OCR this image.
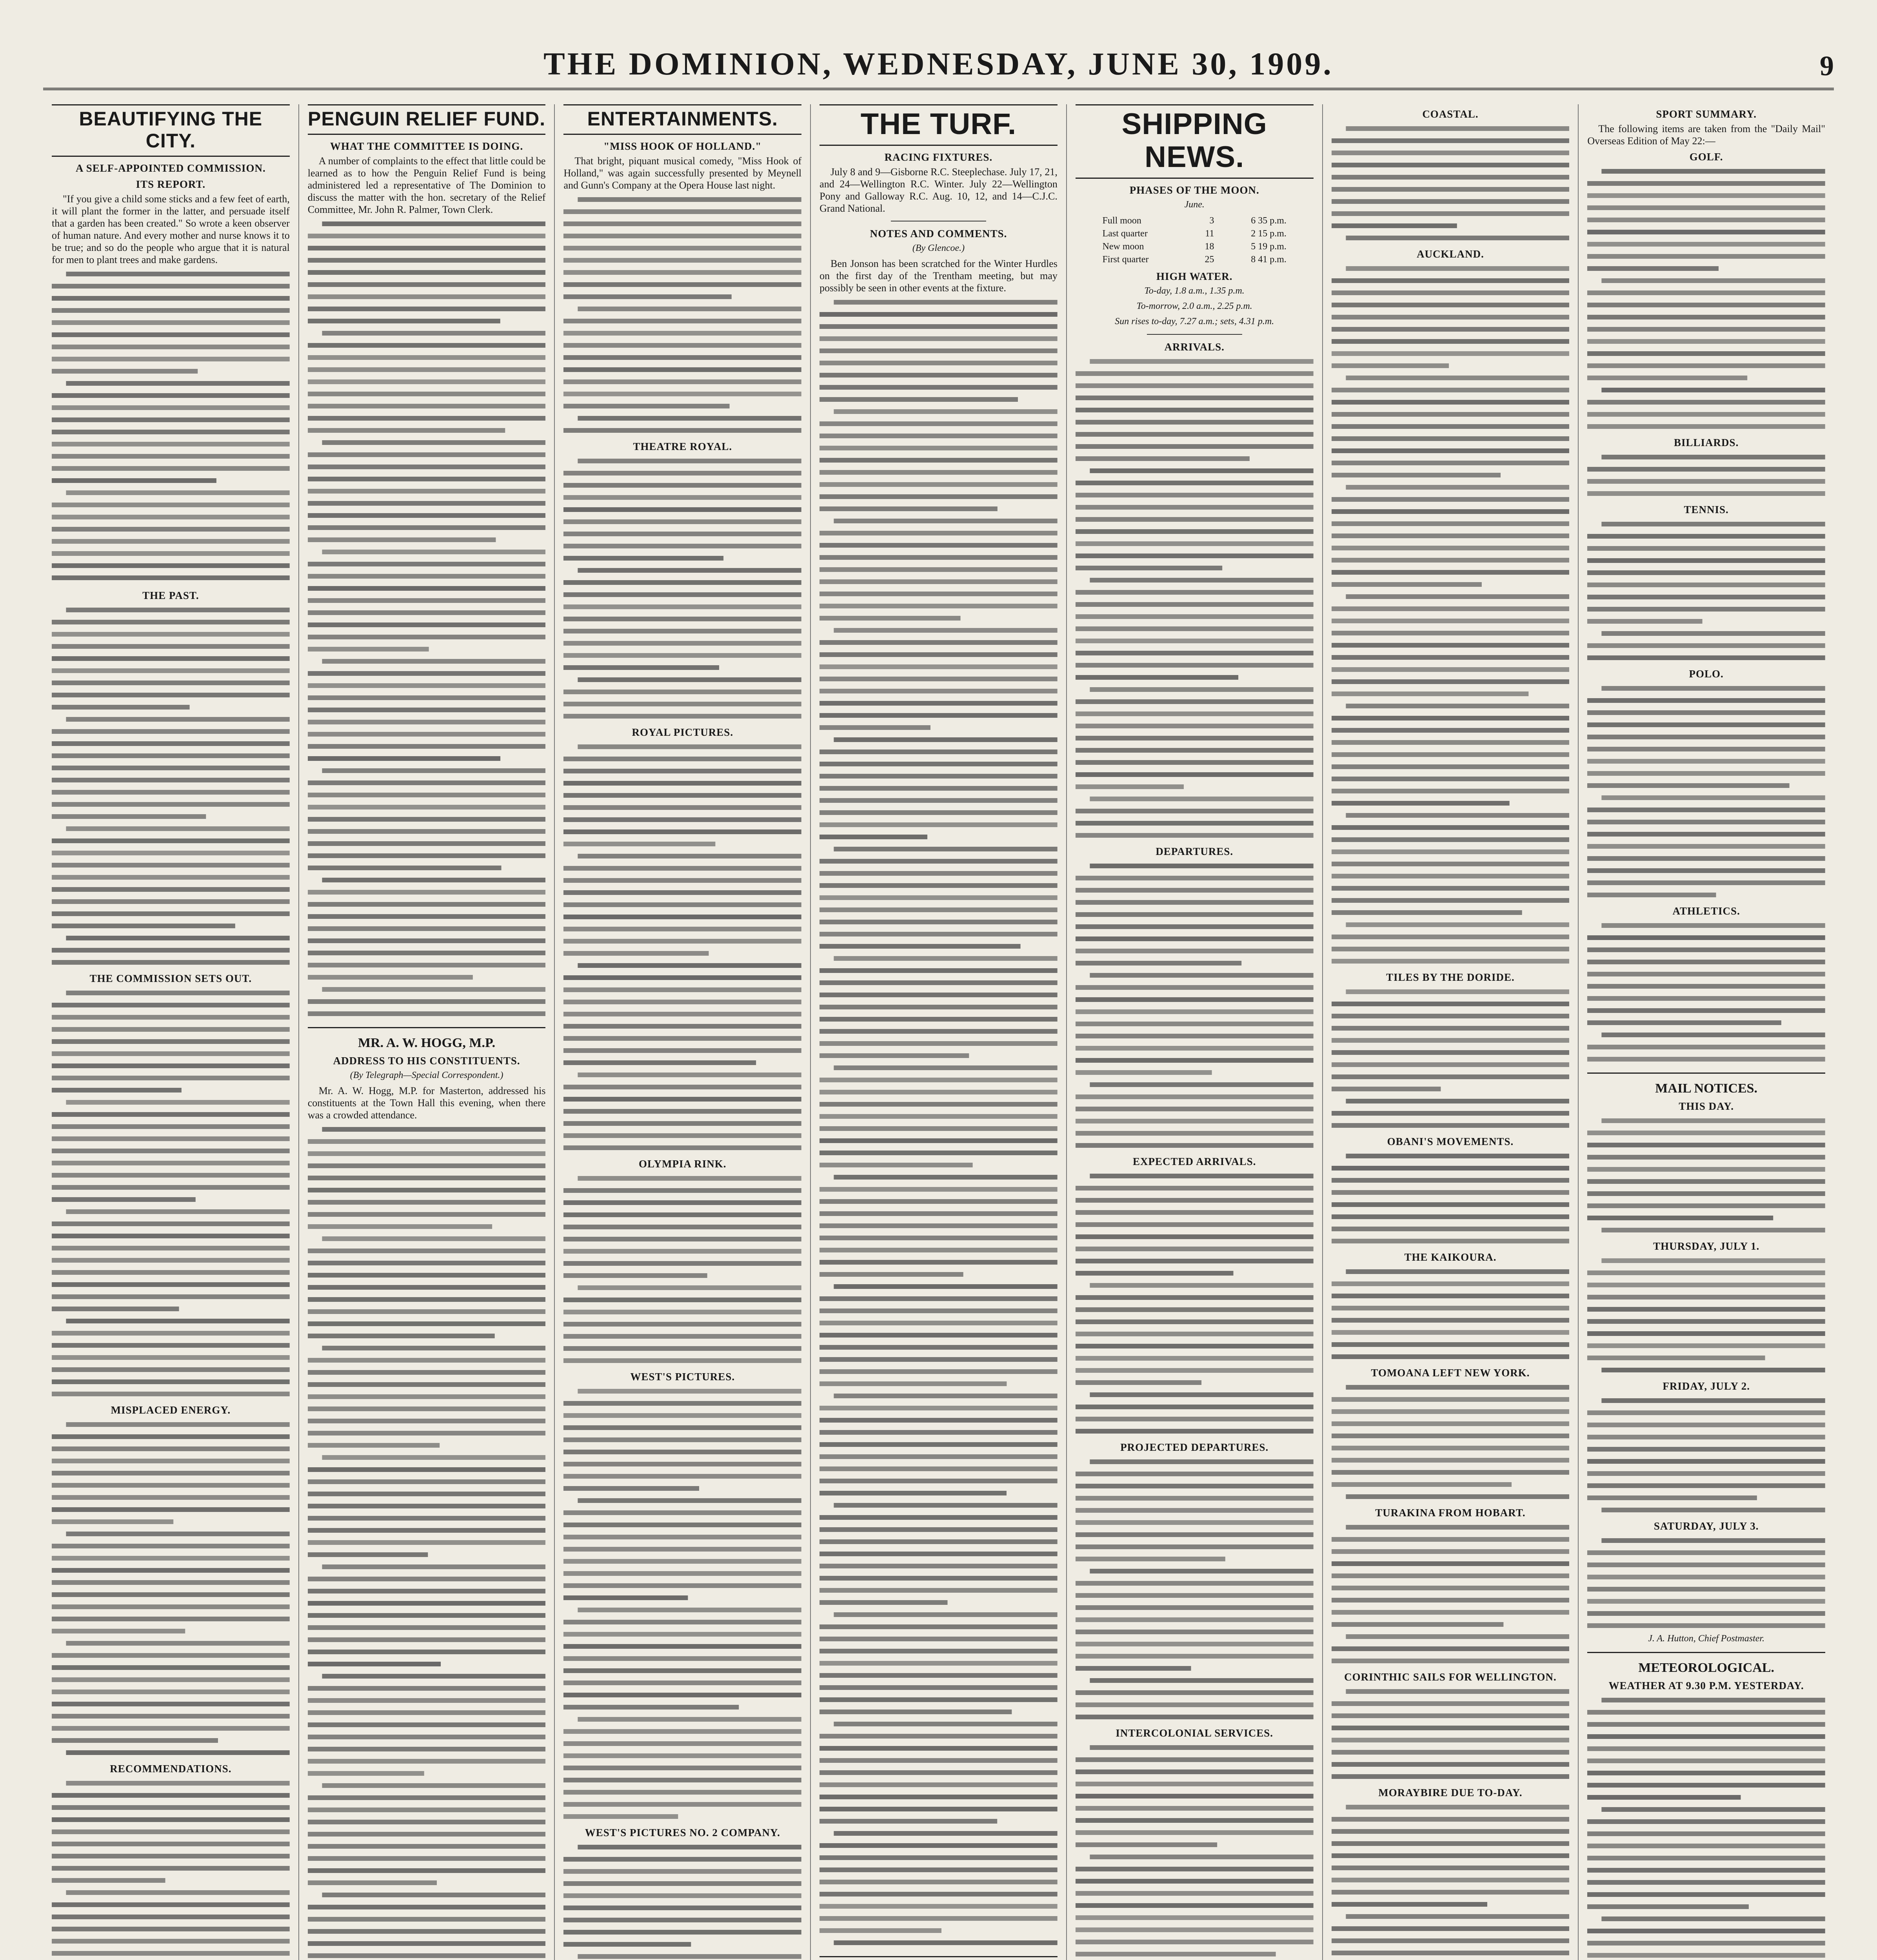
THE DOMINION, WEDNESDAY, JUNE 30, 1909.	9
BEAUTIFYING THE CITY.
A SELF-APPOINTED COMMISSION.
ITS REPORT.

"If you give a child some sticks and a few feet of earth, it will plant the former in the latter, and persuade itself that a garden has been created." So wrote a keen observer of human nature. And every mother and nurse knows it to be true; and so do the people who argue that it is natural for men to plant trees and make gardens.

THE PAST.
THE COMMISSION SETS OUT.
MISPLACED ENERGY.
RECOMMENDATIONS.

PENGUIN RELIEF FUND.
WHAT THE COMMITTEE IS DOING.

A number of complaints to the effect that little could be learned as to how the Penguin Relief Fund is being administered led a representative of The Dominion to discuss the matter with the hon. secretary of the Relief Committee, Mr. John R. Palmer, Town Clerk.

MR. A. W. HOGG, M.P.
ADDRESS TO HIS CONSTITUENTS.
(By Telegraph—Special Correspondent.)

Mr. A. W. Hogg, M.P. for Masterton, addressed his constituents at the Town Hall this evening, when there was a crowded attendance.

ENTERTAINMENTS.
"MISS HOOK OF HOLLAND."

That bright, piquant musical comedy, "Miss Hook of Holland," was again successfully presented by Meynell and Gunn's Company at the Opera House last night.

THEATRE ROYAL.
ROYAL PICTURES.
OLYMPIA RINK.
WEST'S PICTURES.
WEST'S PICTURES NO. 2 COMPANY.

THE TURF.
RACING FIXTURES.

July 8 and 9—Gisborne R.C. Steeplechase. July 17, 21, and 24—Wellington R.C. Winter. July 22—Wellington Pony and Galloway R.C. Aug. 10, 12, and 14—C.J.C. Grand National.

NOTES AND COMMENTS.
(By Glencoe.)

Ben Jonson has been scratched for the Winter Hurdles on the first day of the Trentham meeting, but may possibly be seen in other events at the fixture.

SHIPPING NEWS.
PHASES OF THE MOON.
June.
Full moon	3	6 35 p.m.
Last quarter	11	2 15 p.m.
New moon	18	5 19 p.m.
First quarter	25	8 41 p.m.
HIGH WATER.
To-day, 1.8 a.m., 1.35 p.m.
To-morrow, 2.0 a.m., 2.25 p.m.
Sun rises to-day, 7.27 a.m.; sets, 4.31 p.m.
ARRIVALS.
DEPARTURES.
EXPECTED ARRIVALS.
PROJECTED DEPARTURES.
INTERCOLONIAL SERVICES.
COASTAL.
AUCKLAND.
TILES BY THE DORIDE.
OBANI'S MOVEMENTS.
THE KAIKOURA.
TOMOANA LEFT NEW YORK.
TURAKINA FROM HOBART.
CORINTHIC SAILS FOR WELLINGTON.
MORAYBIRE DUE TO-DAY.
SPORT SUMMARY.

The following items are taken from the "Daily Mail" Overseas Edition of May 22:—

GOLF.
BILLIARDS.
TENNIS.
POLO.
ATHLETICS.
MAIL NOTICES.
THIS DAY.
THURSDAY, JULY 1.
FRIDAY, JULY 2.
SATURDAY, JULY 3.
J. A. Hutton, Chief Postmaster.
METEOROLOGICAL.
WEATHER AT 9.30 P.M. YESTERDAY.
